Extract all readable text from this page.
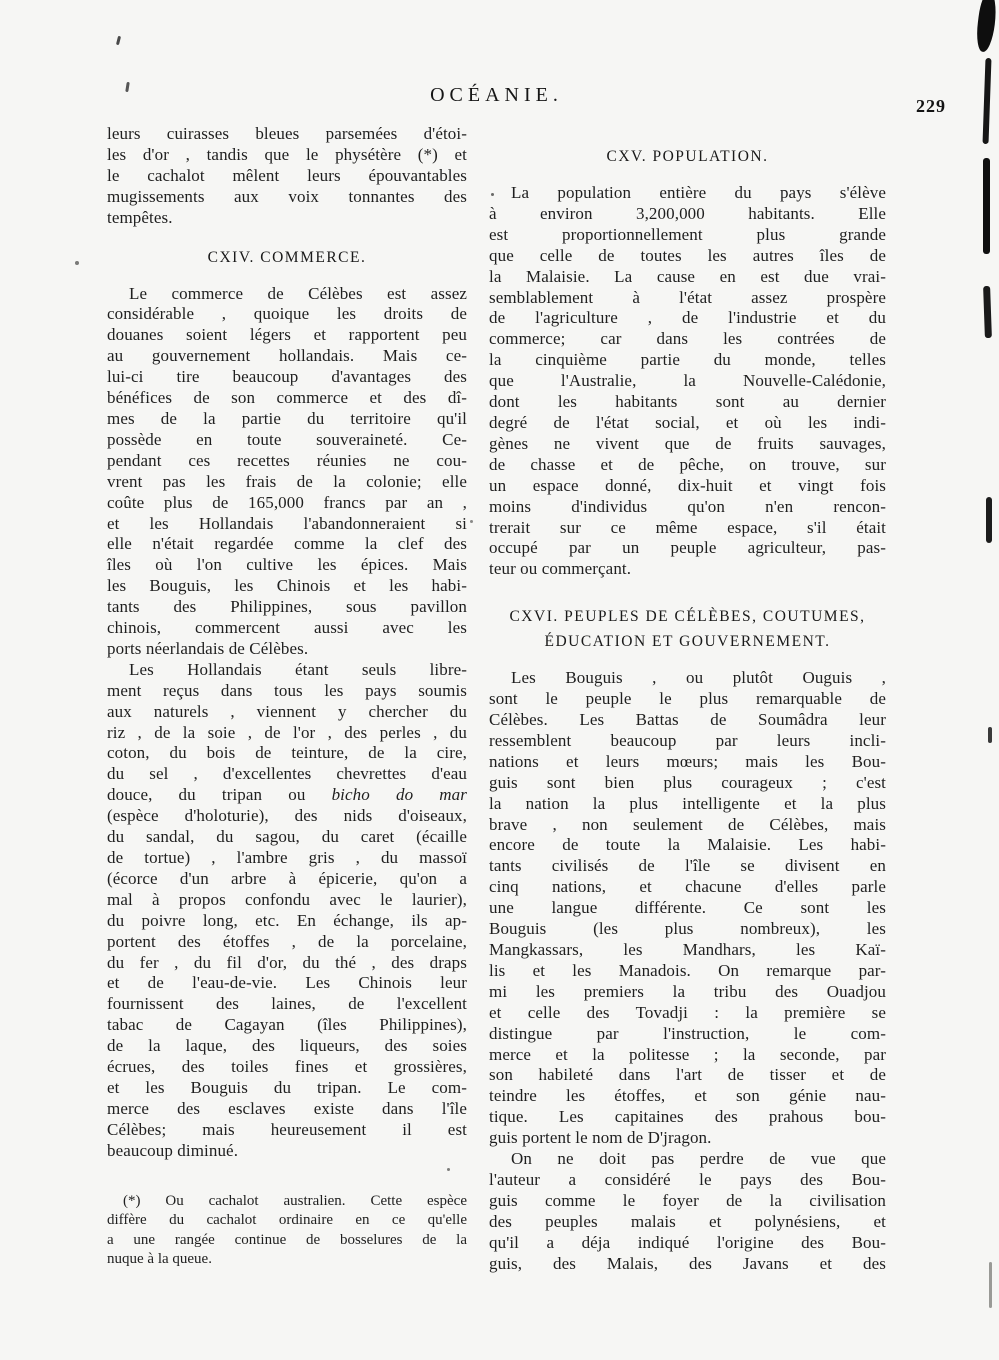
229
OCÉANIE.
leurs cuirasses bleues parsemées d'étoi-
les d'or , tandis que le physétère (*) et
le cachalot mêlent leurs épouvantables
mugissements aux voix tonnantes des
tempêtes.
CXIV. COMMERCE.
Le commerce de Célèbes est assez
considérable , quoique les droits de
douanes soient légers et rapportent peu
au gouvernement hollandais. Mais ce-
lui-ci tire beaucoup d'avantages des
bénéfices de son commerce et des dî-
mes de la partie du territoire qu'il
possède en toute souveraineté. Ce-
pendant ces recettes réunies ne cou-
vrent pas les frais de la colonie; elle
coûte plus de 165,000 francs par an ,
et les Hollandais l'abandonneraient si
elle n'était regardée comme la clef des
îles où l'on cultive les épices. Mais
les Bouguis, les Chinois et les habi-
tants des Philippines, sous pavillon
chinois, commercent aussi avec les
ports néerlandais de Célèbes.
Les Hollandais étant seuls libre-
ment reçus dans tous les pays soumis
aux naturels , viennent y chercher du
riz , de la soie , de l'or , des perles , du
coton, du bois de teinture, de la cire,
du sel , d'excellentes chevrettes d'eau
douce, du tripan ou bicho do mar
(espèce d'holoturie), des nids d'oiseaux,
du sandal, du sagou, du caret (écaille
de tortue) , l'ambre gris , du massoï
(écorce d'un arbre à épicerie, qu'on a
mal à propos confondu avec le laurier),
du poivre long, etc. En échange, ils ap-
portent des étoffes , de la porcelaine,
du fer , du fil d'or, du thé , des draps
et de l'eau-de-vie. Les Chinois leur
fournissent des laines, de l'excellent
tabac de Cagayan (îles Philippines),
de la laque, des liqueurs, des soies
écrues, des toiles fines et grossières,
et les Bouguis du tripan. Le com-
merce des esclaves existe dans l'île
Célèbes; mais heureusement il est
beaucoup diminué.
(*) Ou cachalot australien. Cette espèce
diffère du cachalot ordinaire en ce qu'elle
a une rangée continue de bosselures de la
nuque à la queue.
CXV. POPULATION.
La population entière du pays s'élève
à environ 3,200,000 habitants. Elle
est proportionnellement plus grande
que celle de toutes les autres îles de
la Malaisie. La cause en est due vrai-
semblablement à l'état assez prospère
de l'agriculture , de l'industrie et du
commerce; car dans les contrées de
la cinquième partie du monde, telles
que l'Australie, la Nouvelle-Calédonie,
dont les habitants sont au dernier
degré de l'état social, et où les indi-
gènes ne vivent que de fruits sauvages,
de chasse et de pêche, on trouve, sur
un espace donné, dix-huit et vingt fois
moins d'individus qu'on n'en rencon-
trerait sur ce même espace, s'il était
occupé par un peuple agriculteur, pas-
teur ou commerçant.
CXVI. PEUPLES DE CÉLÈBES, COUTUMES,
ÉDUCATION ET GOUVERNEMENT.
Les Bouguis , ou plutôt Ouguis ,
sont le peuple le plus remarquable de
Célèbes. Les Battas de Soumâdra leur
ressemblent beaucoup par leurs incli-
nations et leurs mœurs; mais les Bou-
guis sont bien plus courageux ; c'est
la nation la plus intelligente et la plus
brave , non seulement de Célèbes, mais
encore de toute la Malaisie. Les habi-
tants civilisés de l'île se divisent en
cinq nations, et chacune d'elles parle
une langue différente. Ce sont les
Bouguis (les plus nombreux), les
Mangkassars, les Mandhars, les Kaï-
lis et les Manadois. On remarque par-
mi les premiers la tribu des Ouadjou
et celle des Tovadji : la première se
distingue par l'instruction, le com-
merce et la politesse ; la seconde, par
son habileté dans l'art de tisser et de
teindre les étoffes, et son génie nau-
tique. Les capitaines des prahous bou-
guis portent le nom de D'jragon.
On ne doit pas perdre de vue que
l'auteur a considéré le pays des Bou-
guis comme le foyer de la civilisation
des peuples malais et polynésiens, et
qu'il a déja indiqué l'origine des Bou-
guis, des Malais, des Javans et des
